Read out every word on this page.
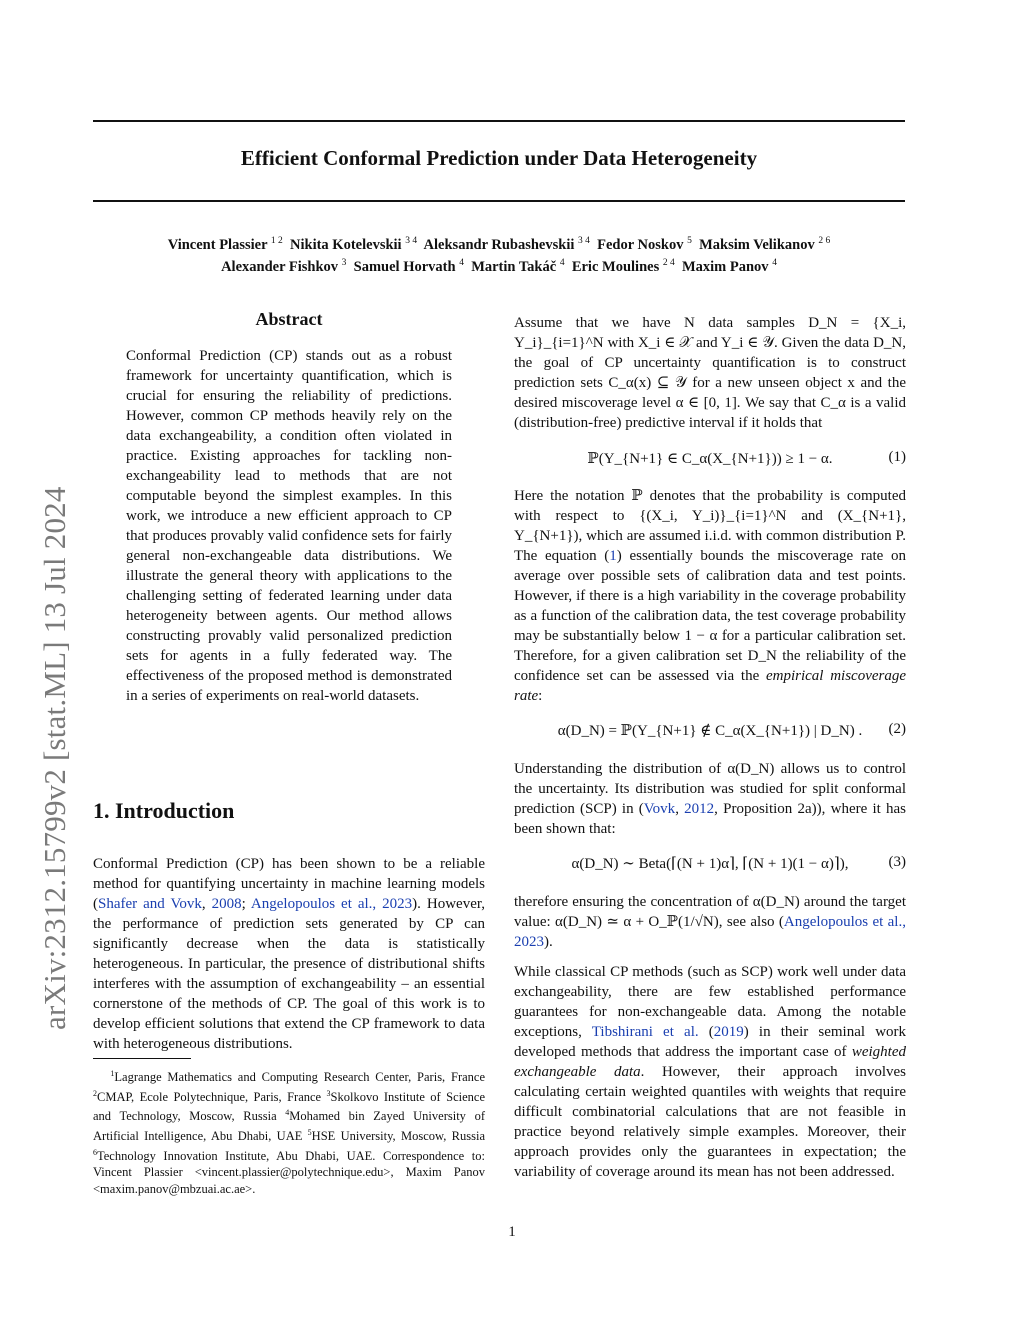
Efficient Conformal Prediction under Data Heterogeneity
arXiv:2312.15799v2 [stat.ML] 13 Jul 2024
Vincent Plassier $^{1 2}$ Nikita Kotelevskii $^{3 4}$ Aleksandr Rubashevskii $^{3 4}$ Fedor Noskov $^5$ Maksim Velikanov $^{2 6}$
Alexander Fishkov $^3$ Samuel Horvath $^4$ Martin Takáč $^4$ Eric Moulines $^{2 4}$ Maxim Panov $^4$
Abstract
Conformal Prediction (CP) stands out as a robust framework for uncertainty quantification, which is crucial for ensuring the reliability of predictions. However, common CP methods heavily rely on the data exchangeability, a condition often violated in practice. Existing approaches for tackling non-exchangeability lead to methods that are not computable beyond the simplest examples. In this work, we introduce a new efficient approach to CP that produces provably valid confidence sets for fairly general non-exchangeable data distributions. We illustrate the general theory with applications to the challenging setting of federated learning under data heterogeneity between agents. Our method allows constructing provably valid personalized prediction sets for agents in a fully federated way. The effectiveness of the proposed method is demonstrated in a series of experiments on real-world datasets.
1. Introduction
Conformal Prediction (CP) has been shown to be a reliable method for quantifying uncertainty in machine learning models (Shafer and Vovk, 2008; Angelopoulos et al., 2023). However, the performance of prediction sets generated by CP can significantly decrease when the data is statistically heterogeneous. In particular, the presence of distributional shifts interferes with the assumption of exchangeability – an essential cornerstone of the methods of CP. The goal of this work is to develop efficient solutions that extend the CP framework to data with heterogeneous distributions.
$^1$Lagrange Mathematics and Computing Research Center, Paris, France $^2$CMAP, Ecole Polytechnique, Paris, France $^3$Skolkovo Institute of Science and Technology, Moscow, Russia $^4$Mohamed bin Zayed University of Artificial Intelligence, Abu Dhabi, UAE $^5$HSE University, Moscow, Russia $^6$Technology Innovation Institute, Abu Dhabi, UAE. Correspondence to: Vincent Plassier <vincent.plassier@polytechnique.edu>, Maxim Panov <maxim.panov@mbzuai.ac.ae>.
Assume that we have N data samples D_N = {X_i, Y_i}_{i=1}^N with X_i ∈ 𝒳 and Y_i ∈ 𝒴. Given the data D_N, the goal of CP uncertainty quantification is to construct prediction sets C_α(x) ⊆ 𝒴 for a new unseen object x and the desired miscoverage level α ∈ [0, 1]. We say that C_α is a valid (distribution-free) predictive interval if it holds that
ℙ(Y_{N+1} ∈ C_α(X_{N+1})) ≥ 1 − α.	(1)
Here the notation ℙ denotes that the probability is computed with respect to {(X_i, Y_i)}_{i=1}^N and (X_{N+1}, Y_{N+1}), which are assumed i.i.d. with common distribution P. The equation (1) essentially bounds the miscoverage rate on average over possible sets of calibration data and test points. However, if there is a high variability in the coverage probability as a function of the calibration data, the test coverage probability may be substantially below 1 − α for a particular calibration set. Therefore, for a given calibration set D_N the reliability of the confidence set can be assessed via the empirical miscoverage rate:
α(D_N) = ℙ(Y_{N+1} ∉ C_α(X_{N+1}) | D_N) .	(2)
Understanding the distribution of α(D_N) allows us to control the uncertainty. Its distribution was studied for split conformal prediction (SCP) in (Vovk, 2012, Proposition 2a)), where it has been shown that:
α(D_N) ∼ Beta(⌈(N + 1)α⌉, ⌈(N + 1)(1 − α)⌉),	(3)
therefore ensuring the concentration of α(D_N) around the target value: α(D_N) ≃ α + O_ℙ(1/√N), see also (Angelopoulos et al., 2023).
While classical CP methods (such as SCP) work well under data exchangeability, there are few established performance guarantees for non-exchangeable data. Among the notable exceptions, Tibshirani et al. (2019) in their seminal work developed methods that address the important case of weighted exchangeable data. However, their approach involves calculating certain weighted quantiles with weights that require difficult combinatorial calculations that are not feasible in practice beyond relatively simple examples. Moreover, their approach provides only the guarantees in expectation; the variability of coverage around its mean has not been addressed.
1
